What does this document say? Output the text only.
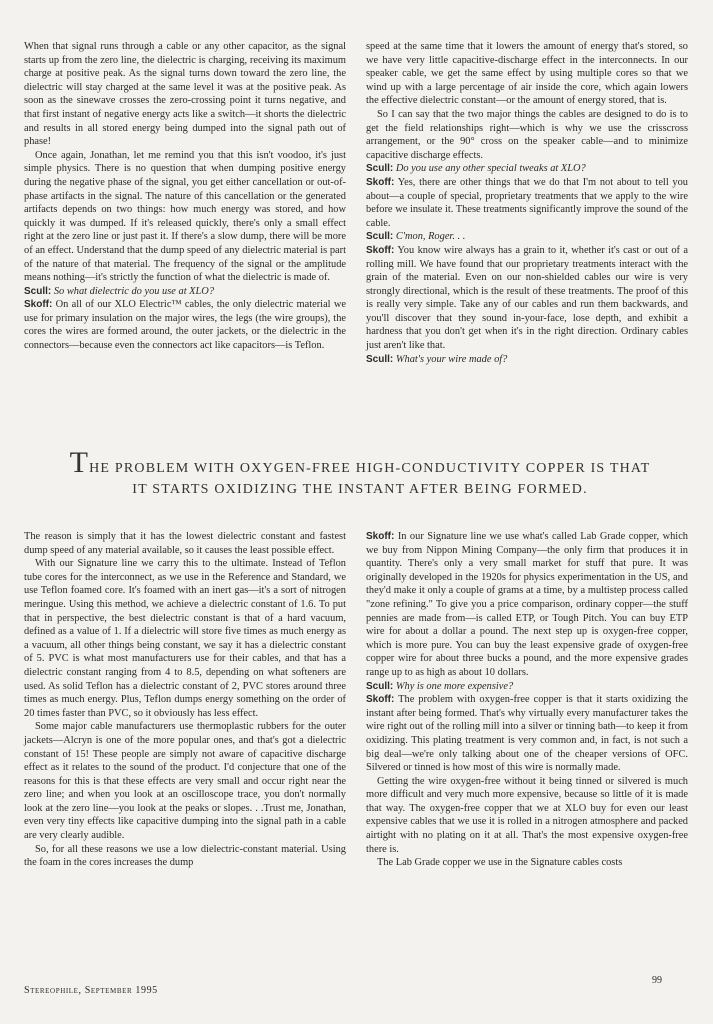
When that signal runs through a cable or any other capacitor, as the signal starts up from the zero line, the dielectric is charging, receiving its maximum charge at positive peak. As the signal turns down toward the zero line, the dielectric will stay charged at the same level it was at the positive peak. As soon as the sinewave crosses the zero-crossing point it turns negative, and that first instant of negative energy acts like a switch—it shorts the dielectric and results in all stored energy being dumped into the signal path out of phase!

Once again, Jonathan, let me remind you that this isn't voodoo, it's just simple physics. There is no question that when dumping positive energy during the negative phase of the signal, you get either cancellation or out-of-phase artifacts in the signal. The nature of this cancellation or the generated artifacts depends on two things: how much energy was stored, and how quickly it was dumped. If it's released quickly, there's only a small effect right at the zero line or just past it. If there's a slow dump, there will be more of an effect. Understand that the dump speed of any dielectric material is part of the nature of that material. The frequency of the signal or the amplitude means nothing—it's strictly the function of what the dielectric is made of.

Scull: So what dielectric do you use at XLO?

Skoff: On all of our XLO Electric™ cables, the only dielectric material we use for primary insulation on the major wires, the legs (the wire groups), the cores the wires are formed around, the outer jackets, or the dielectric in the connectors—because even the connectors act like capacitors—is Teflon.

speed at the same time that it lowers the amount of energy that's stored, so we have very little capacitive-discharge effect in the interconnects. In our speaker cable, we get the same effect by using multiple cores so that we wind up with a large percentage of air inside the core, which again lowers the effective dielectric constant—or the amount of energy stored, that is.

So I can say that the two major things the cables are designed to do is to get the field relationships right—which is why we use the crisscross arrangement, or the 90° cross on the speaker cable—and to minimize capacitive discharge effects.

Scull: Do you use any other special tweaks at XLO?

Skoff: Yes, there are other things that we do that I'm not about to tell you about—a couple of special, proprietary treatments that we apply to the wire before we insulate it. These treatments significantly improve the sound of the cable.

Scull: C'mon, Roger. . .

Skoff: You know wire always has a grain to it, whether it's cast or out of a rolling mill. We have found that our proprietary treatments interact with the grain of the material. Even on our non-shielded cables our wire is very strongly directional, which is the result of these treatments. The proof of this is really very simple. Take any of our cables and run them backwards, and you'll discover that they sound in-your-face, lose depth, and exhibit a hardness that you don't get when it's in the right direction. Ordinary cables just aren't like that.

Scull: What's your wire made of?

THE PROBLEM WITH OXYGEN-FREE HIGH-CONDUCTIVITY COPPER IS THAT
IT STARTS OXIDIZING THE INSTANT AFTER BEING FORMED.

The reason is simply that it has the lowest dielectric constant and fastest dump speed of any material available, so it causes the least possible effect.

With our Signature line we carry this to the ultimate. Instead of Teflon tube cores for the interconnect, as we use in the Reference and Standard, we use Teflon foamed core. It's foamed with an inert gas—it's a sort of nitrogen meringue. Using this method, we achieve a dielectric constant of 1.6. To put that in perspective, the best dielectric constant is that of a hard vacuum, defined as a value of 1. If a dielectric will store five times as much energy as a vacuum, all other things being constant, we say it has a dielectric constant of 5. PVC is what most manufacturers use for their cables, and that has a dielectric constant ranging from 4 to 8.5, depending on what softeners are used. As solid Teflon has a dielectric constant of 2, PVC stores around three times as much energy. Plus, Teflon dumps energy something on the order of 20 times faster than PVC, so it obviously has less effect.

Some major cable manufacturers use thermoplastic rubbers for the outer jackets—Alcryn is one of the more popular ones, and that's got a dielectric constant of 15! These people are simply not aware of capacitive discharge effect as it relates to the sound of the product. I'd conjecture that one of the reasons for this is that these effects are very small and occur right near the zero line; and when you look at an oscilloscope trace, you don't normally look at the zero line—you look at the peaks or slopes. . .Trust me, Jonathan, even very tiny effects like capacitive dumping into the signal path in a cable are very clearly audible.

So, for all these reasons we use a low dielectric-constant material. Using the foam in the cores increases the dump

Skoff: In our Signature line we use what's called Lab Grade copper, which we buy from Nippon Mining Company—the only firm that produces it in quantity. There's only a very small market for stuff that pure. It was originally developed in the 1920s for physics experimentation in the US, and they'd make it only a couple of grams at a time, by a multistep process called "zone refining." To give you a price comparison, ordinary copper—the stuff pennies are made from—is called ETP, or Tough Pitch. You can buy ETP wire for about a dollar a pound. The next step up is oxygen-free copper, which is more pure. You can buy the least expensive grade of oxygen-free copper wire for about three bucks a pound, and the more expensive grades range up to as high as about 10 dollars.

Scull: Why is one more expensive?

Skoff: The problem with oxygen-free copper is that it starts oxidizing the instant after being formed. That's why virtually every manufacturer takes the wire right out of the rolling mill into a silver or tinning bath—to keep it from oxidizing. This plating treatment is very common and, in fact, is not such a big deal—we're only talking about one of the cheaper versions of OFC. Silvered or tinned is how most of this wire is normally made.

Getting the wire oxygen-free without it being tinned or silvered is much more difficult and very much more expensive, because so little of it is made that way. The oxygen-free copper that we at XLO buy for even our least expensive cables that we use it is rolled in a nitrogen atmosphere and packed airtight with no plating on it at all. That's the most expensive oxygen-free there is.

The Lab Grade copper we use in the Signature cables costs

Stereophile, September 1995
99
